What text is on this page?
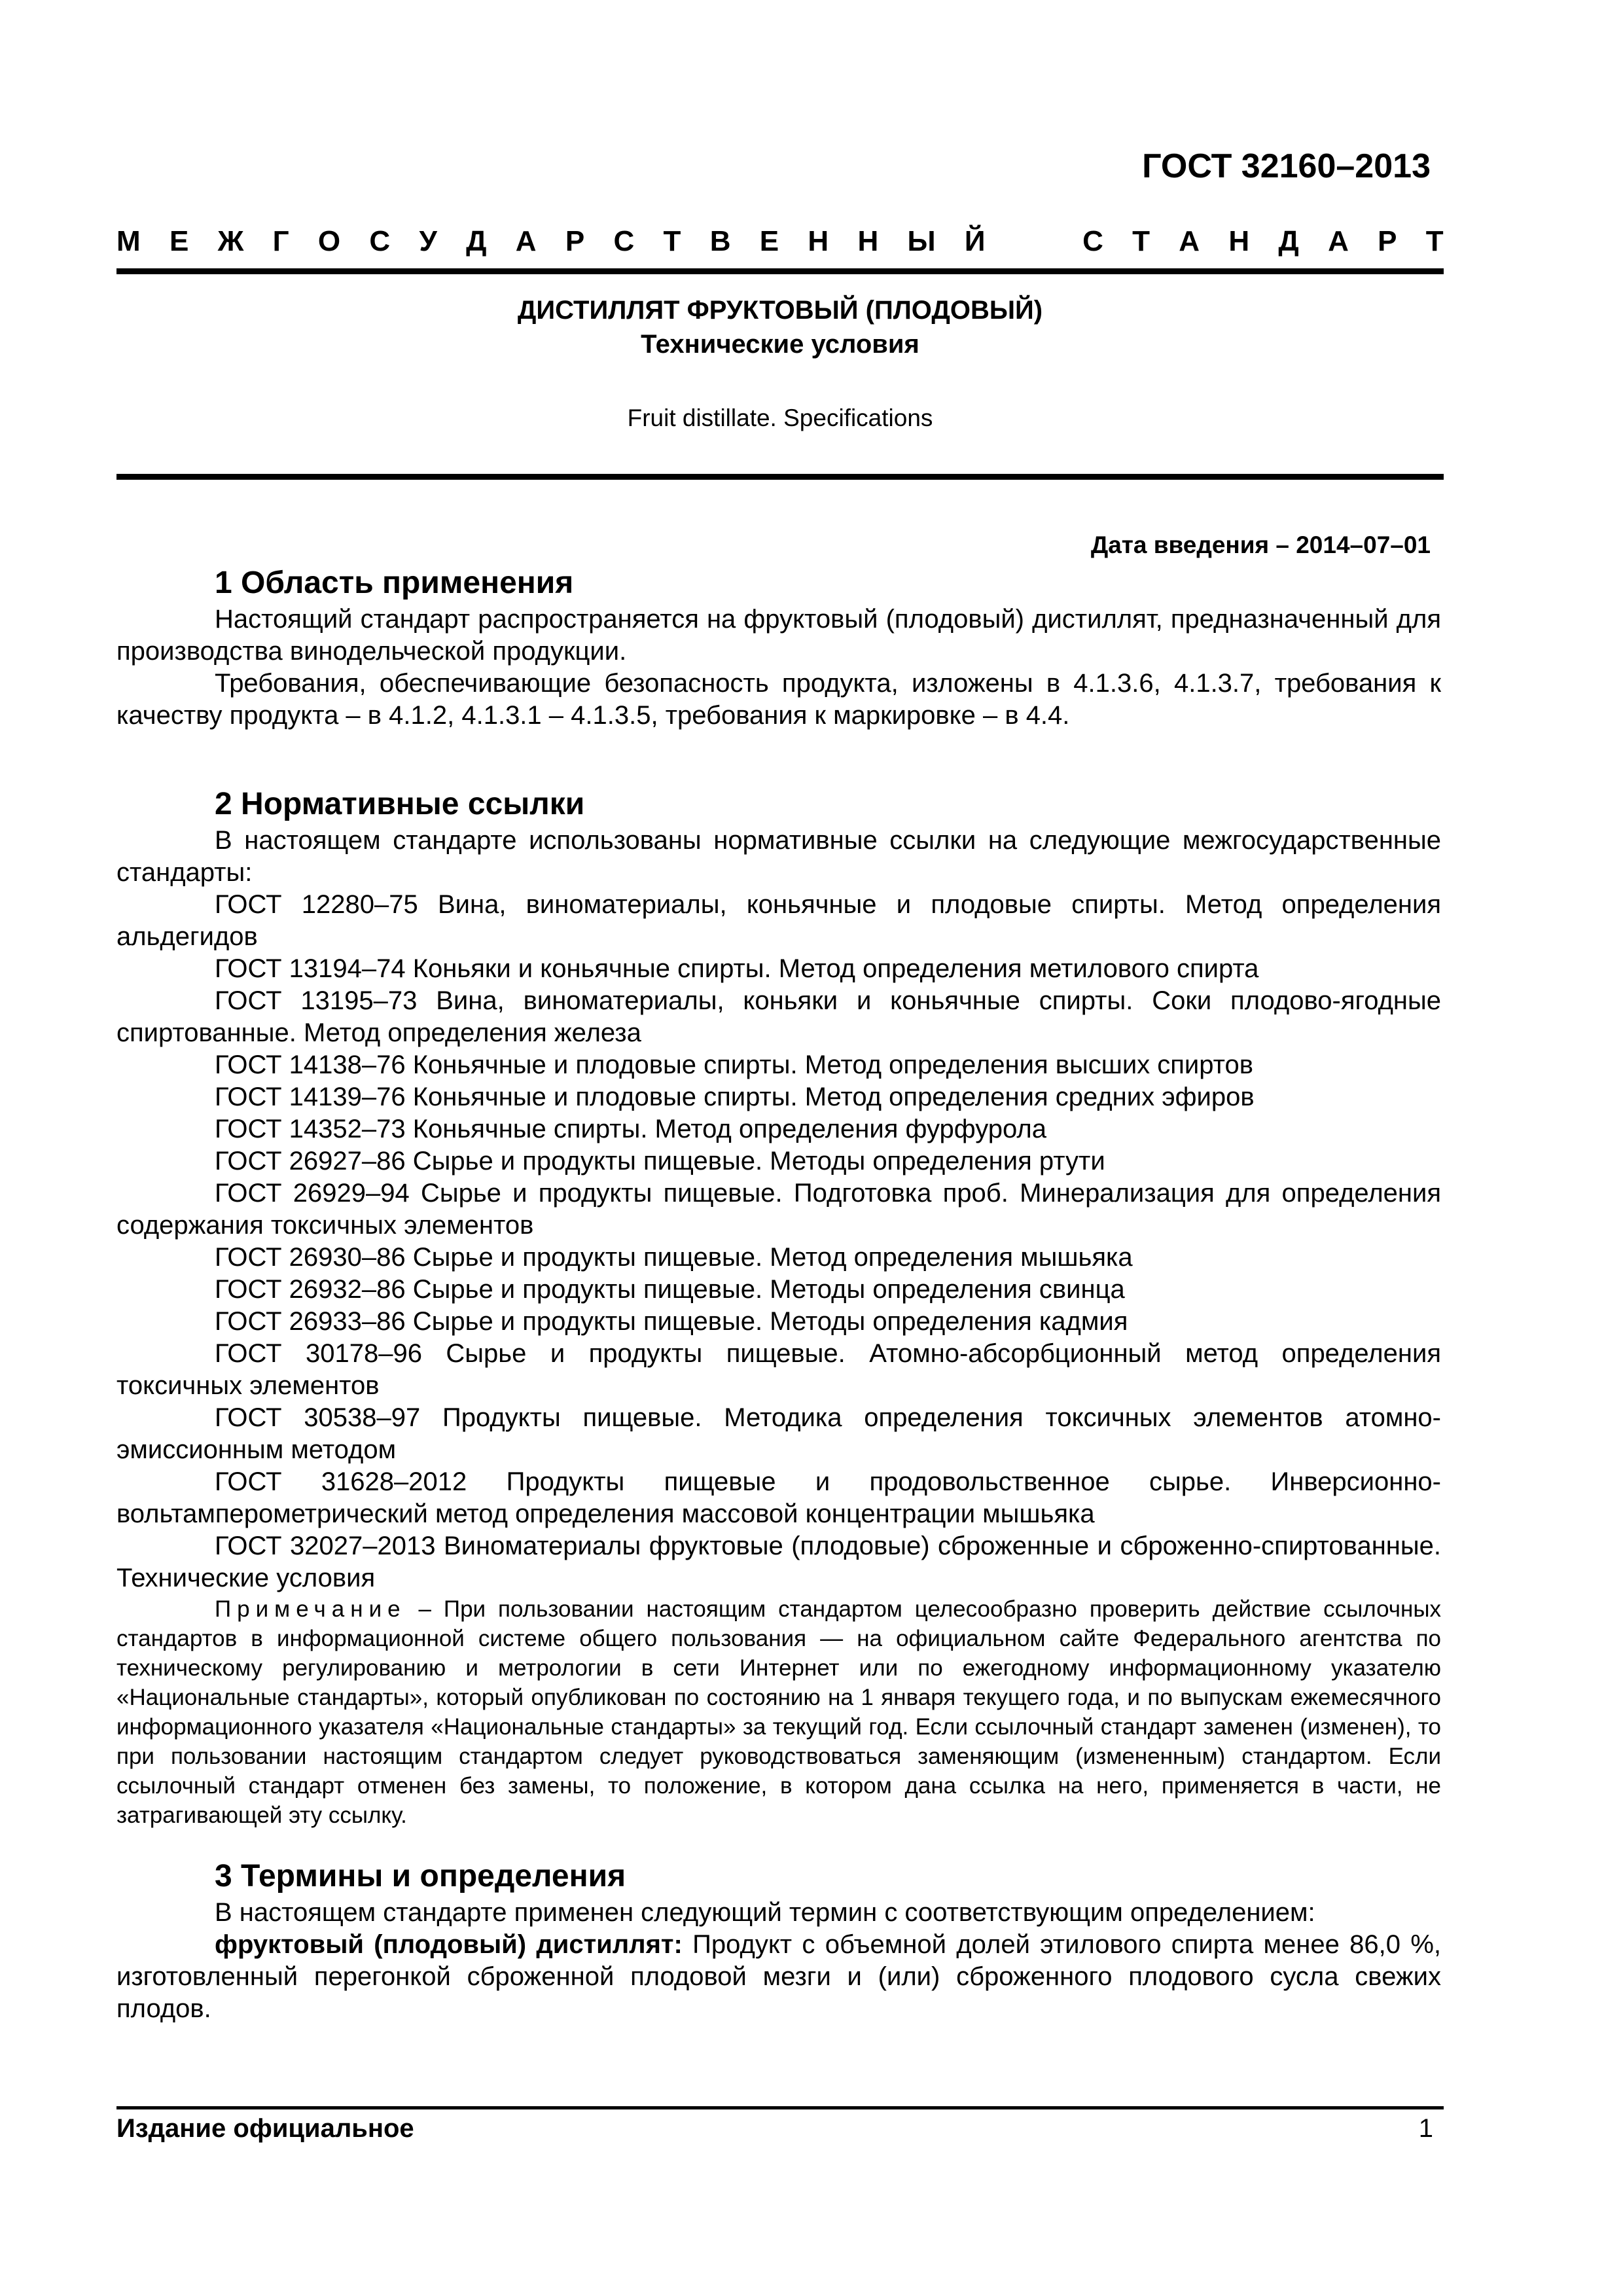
ГОСТ 32160–2013
М Е Ж Г О С У Д А Р С Т В Е Н Н Ы Й	С Т А Н Д А Р Т
ДИСТИЛЛЯТ ФРУКТОВЫЙ (ПЛОДОВЫЙ)
Технические условия
Fruit distillate. Specifications
Дата введения – 2014–07–01
1 Область применения

Настоящий стандарт распространяется на фруктовый (плодовый) дистиллят, предназначенный для производства винодельческой продукции.

Требования, обеспечивающие безопасность продукта, изложены в 4.1.3.6, 4.1.3.7, требования к качеству продукта – в 4.1.2, 4.1.3.1 – 4.1.3.5, требования к маркировке – в 4.4.

2 Нормативные ссылки

В настоящем стандарте использованы нормативные ссылки на следующие межгосударственные стандарты:

ГОСТ 12280–75 Вина, виноматериалы, коньячные и плодовые спирты. Метод определения альдегидов

ГОСТ 13194–74 Коньяки и коньячные спирты. Метод определения метилового спирта

ГОСТ 13195–73 Вина, виноматериалы, коньяки и коньячные спирты. Соки плодово-ягодные спиртованные. Метод определения железа

ГОСТ 14138–76 Коньячные и плодовые спирты. Метод определения высших спиртов

ГОСТ 14139–76 Коньячные и плодовые спирты. Метод определения средних эфиров

ГОСТ 14352–73 Коньячные спирты. Метод определения фурфурола

ГОСТ 26927–86 Сырье и продукты пищевые. Методы определения ртути

ГОСТ 26929–94 Сырье и продукты пищевые. Подготовка проб. Минерализация для определения содержания токсичных элементов

ГОСТ 26930–86 Сырье и продукты пищевые. Метод определения мышьяка

ГОСТ 26932–86 Сырье и продукты пищевые. Методы определения свинца

ГОСТ 26933–86 Сырье и продукты пищевые. Методы определения кадмия

ГОСТ 30178–96 Сырье и продукты пищевые. Атомно-абсорбционный метод определения токсичных элементов

ГОСТ 30538–97 Продукты пищевые. Методика определения токсичных элементов атомно-эмиссионным методом

ГОСТ 31628–2012 Продукты пищевые и продовольственное сырье. Инверсионно-вольтамперометрический метод определения массовой концентрации мышьяка

ГОСТ 32027–2013 Виноматериалы фруктовые (плодовые) сброженные и сброженно-спиртованные. Технические условия

Примечание – При пользовании настоящим стандартом целесообразно проверить действие ссылочных стандартов в информационной системе общего пользования — на официальном сайте Федерального агентства по техническому регулированию и метрологии в сети Интернет или по ежегодному информационному указателю «Национальные стандарты», который опубликован по состоянию на 1 января текущего года, и по выпускам ежемесячного информационного указателя «Национальные стандарты» за текущий год. Если ссылочный стандарт заменен (изменен), то при пользовании настоящим стандартом следует руководствоваться заменяющим (измененным) стандартом. Если ссылочный стандарт отменен без замены, то положение, в котором дана ссылка на него, применяется в части, не затрагивающей эту ссылку.

3 Термины и определения

В настоящем стандарте применен следующий термин с соответствующим определением:

фруктовый (плодовый) дистиллят: Продукт с объемной долей этилового спирта менее 86,0 %, изготовленный перегонкой сброженной плодовой мезги и (или) сброженного плодового сусла свежих плодов.

Издание официальное	1
